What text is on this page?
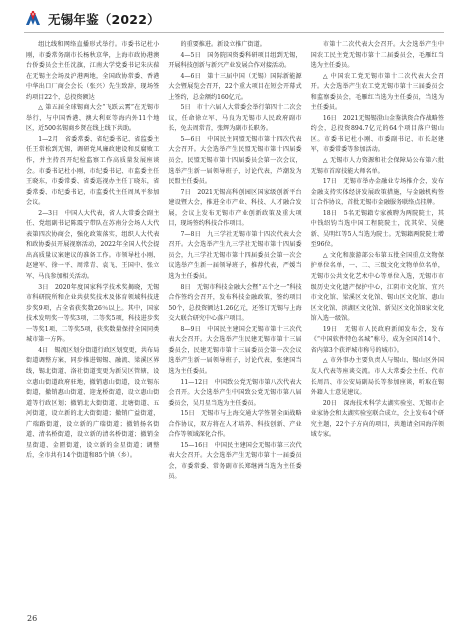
无锡年鉴（2022）

组比线和网络直播形式举行。市委书记杜小刚，市委常务副市长杨秋京华，上海市政协港澳台侨委员会主任沈旗，江南大学党委书记朱庆葆在无锡主会场及沪港两地，全国政协常委、香港中华出口厂商会会长（张兴）先生致辞，现场签约项目22个，总投资额达

△ 第五届全球锡商大会“飞跃云霄”在无锡市举行，与中国香港、澳大利亚等海内外11个地区，近500名锡商乡贤在线上线下共助。

1—2月　省委常委、省纪委书记、省监委主任王常松到无锡，调研党风廉政建设和反腐败工作，并主持召开纪检监察工作高质量发展座谈会。市委书记杜小刚，市纪委书记、市监委主任王晓东，市委常委、省委巡视办主任丁晓东，省委常委、市纪委书记，市监委代主任周凤平参加会议。

2—3日　中国人大代表，省人大常委会副主任、党组副书记陈震宁带队在苏南分会场人大代表第四次协商会，强化政策落实，组织人大代表和政协委员开展视察活动，2022年全国人代会提出高质量议案建议的准备工作。市领导杜小刚、赵建军、徐一平、周常青、袁飞、王国中、张立军、马良参加相关活动。

3日　2020年度国家科学技术奖揭晓，无锡市科研院所和企业共获奖技术及体育领域科技进步奖9项，占全省获奖数26％以上。其中，国家技术发明奖一等奖3项，二等奖5项，科技进步奖一等奖1项、二等奖5项，获奖数量保持全国同类城市第一方阵。

4日　锡流区划分街道行政区划变更，共布局街道调整方案，同步推进锡锡、融流、梁溪区界线，锡北街道、洛社街道变更为新吴区管辖，设立惠山街道政府驻地，撤销惠山街道，设立锡东街道，撤销惠山街道、迎龙桥街道，设立惠山街道等行政区划；撤销北大街街道、北塘街道、五河街道，设立新的北大街街道；撤销广益街道，广瑞路街道，设立新的广瑞街道；撤销扬名街道、清名桥街道，设立新的清名桥街道；撤销金星街道、金匮街道，设立新的金星街道；调整后，全市共有14个街道和85个镇（乡）。

的重要推进。新设立推广街道。

4—5日　国务院国资委科研项目组到无锡，开展科技创新与新兴产业发展合作对接活动。

4—6日　第十三届中国（无锡）国际新能源大会暨展览会召开，22个重大项目在短会开幕式上签约，总金额约160亿元。

5日　市十六届人大常委会举行第四十二次会议，任命徐立军、马良为无锡市人民政府副市长，免去周常青，张辉为副市长职务。

5—6日　中国民主同盟无锡市第十四次代表大会召开。大会选举产生民盟无锡市第十四届委员会，民盟无锡市第十四届委员会第一次会议，选举产生新一届领导班子，讨论代表，芦潮发为民盟主任委员。

7日　2021无锡高科创园区国家级创新平台建设暨大会，推进全市产业、科技、人才融合发展，会议上发布无锡市产业创新政策及重大项目，现场签约科技合作项目。

7—8日　九三学社无锡市第十四次代表大会召开。大会选举产生九三学社无锡市第十四届委员会，九三学社无锡市第十四届委员会第一次会议选举产生新一届领导班子，推荐代表，严媛当选为主任委员。

8日　无锡市科技金融大会暨“五个之一”科技合作签约会召开，发布科技金融政策，签约项目50个，总投资额达1.26亿元，还签订无锡与上海交大联合研究中心落户项目。

8—9日　中国民主建国会无锡市第十三次代表大会召开。大会选举产生民建无锡市第十三届委员会，民建无锡市第十三届委员会第一次会议选举产生新一届领导班子，讨论代表，张建国当选为主任委员。

11—12日　中国致公党无锡市第八次代表大会召开。大会选举产生中国致公党无锡市第八届委员会，吴月星当选为主任委员。

15日　无锡市与上海交通大学签署全面战略合作协议，双方将在人才培养、科技创新、产业合作等领域深化合作。

15—16日　中国民主建国会无锡市第三次代表大会召开。大会选举产生无锡市第十一届委员会，市委常委、常务副市长郑继洲当选为主任委员。

市第十二次代表大会召开。大会选举产生中国农工民主党无锡市第十二届委员会，毛雁红当选为主任委员。

△ 中国农工党无锡市第十二次代表大会召开。大会选举产生农工党无锡市第十三届委员会和监察委员会，毛雁红当选为主任委员，当选为主任委员。

16日　2021无锡锡澄山金鉴洪资合作战略签约会，总投资894.7亿元的64个项目落户锡山区。市委书记杜小刚、市委副书记、市长赵建军，市委常委等参加活动。

△ 无锡市人力资源和社会保障局公布第六批无锡市首席技能大师名单。

17日　无锡市举办金融业专场推介会，发布金融支持实体经济发展政策措施，与金融机构签订合作协议，首批无锡市金融服务联络点挂牌。

18日　5名无锡籍专家被聘为两院院士，其中钱绍钧当选中国工程院院士，沈其荣、吴健新、吴明红等5人当选为院士。无锡籍两院院士增至96位。

△ 文化和旅游部公布第五批全国重点文物保护单位名单，一、二、三级文化文物单位名单，无锡市公共文化艺术中心等单位入选，无锡市市级历史文化遗产保护中心，江阴市文化馆、宜兴市文化馆、梁溪区文化馆、锡山区文化馆、惠山区文化馆、滨湖区文化馆、新吴区文化馆8家文化馆入选一级馆。

19日　无锡市人民政府新闻发布会，发布《“中国软件特色名城”称号，成为全国首14个、省内第3个获评城市称号的城市》。

△ 市外事办主要负责人与锡山、锡山区外国友人代表等座谈交流。市人大常委会主任、代市长周昌、市公安局副局长等参加座谈，听取在锡外籍人士意见建议。

20日　深海技术科学太湖实验室、无锡市企业家协会和太湖实验室联合成立，会上发布4个研究主题，22个子方向的项目，共邀请全国海洋领域专家。

26
